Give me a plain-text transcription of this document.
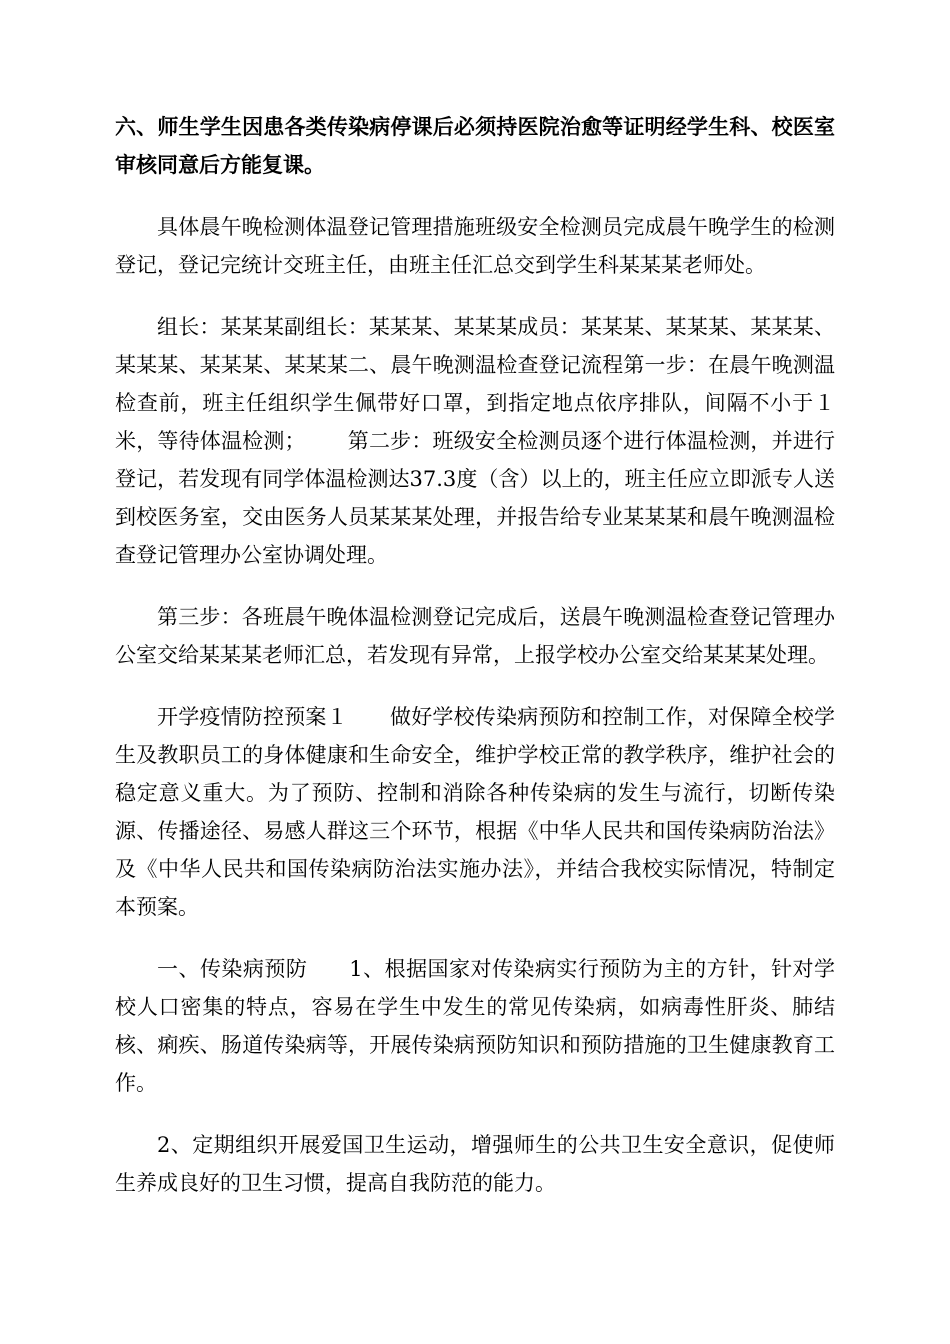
六、师生学生因患各类传染病停课后必须持医院治愈等证明经学生科、校医室审核同意后方能复课。

具体晨午晚检测体温登记管理措施班级安全检测员完成晨午晚学生的检测登记，登记完统计交班主任，由班主任汇总交到学生科某某某老师处。

组长：某某某副组长：某某某、某某某成员：某某某、某某某、某某某、某某某、某某某、某某某二、晨午晚测温检查登记流程第一步：在晨午晚测温检查前，班主任组织学生佩带好口罩，到指定地点依序排队，间隔不小于１米，等待体温检测； 第二步：班级安全检测员逐个进行体温检测，并进行登记，若发现有同学体温检测达37.3度（含）以上的，班主任应立即派专人送到校医务室，交由医务人员某某某处理，并报告给专业某某某和晨午晚测温检查登记管理办公室协调处理。

第三步：各班晨午晚体温检测登记完成后，送晨午晚测温检查登记管理办公室交给某某某老师汇总，若发现有异常，上报学校办公室交给某某某处理。

开学疫情防控预案１ 做好学校传染病预防和控制工作，对保障全校学生及教职员工的身体健康和生命安全，维护学校正常的教学秩序，维护社会的稳定意义重大。为了预防、控制和消除各种传染病的发生与流行，切断传染源、传播途径、易感人群这三个环节，根据《中华人民共和国传染病防治法》及《中华人民共和国传染病防治法实施办法》，并结合我校实际情况，特制定本预案。

一、传染病预防 1、根据国家对传染病实行预防为主的方针，针对学校人口密集的特点，容易在学生中发生的常见传染病，如病毒性肝炎、肺结核、痢疾、肠道传染病等，开展传染病预防知识和预防措施的卫生健康教育工作。

2、定期组织开展爱国卫生运动，增强师生的公共卫生安全意识，促使师生养成良好的卫生习惯，提高自我防范的能力。
